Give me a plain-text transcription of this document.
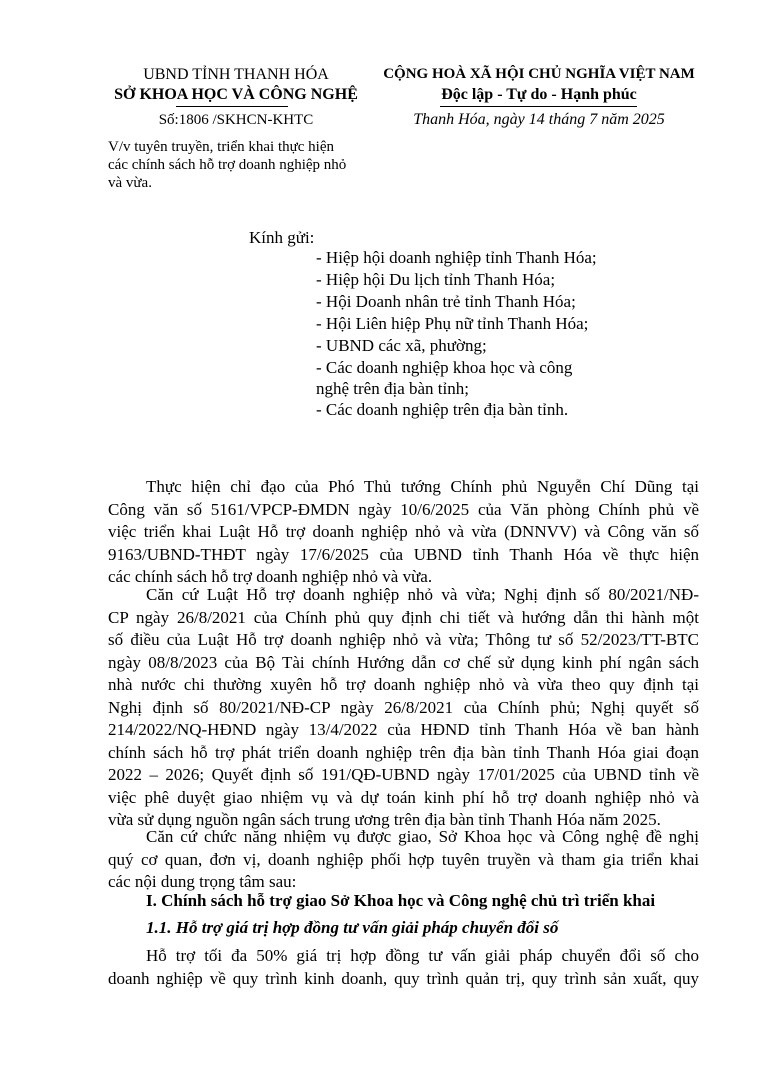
UBND TỈNH THANH HÓA
SỞ KHOA HỌC VÀ CÔNG NGHỆ
Số:1806 /SKHCN-KHTC
V/v tuyên truyền, triển khai thực hiện
các chính sách hỗ trợ doanh nghiệp nhỏ
và vừa.
CỘNG HOÀ XÃ HỘI CHỦ NGHĨA VIỆT NAM
Độc lập - Tự do - Hạnh phúc
Thanh Hóa, ngày 14 tháng 7 năm 2025
Kính gửi:
- Hiệp hội doanh nghiệp tỉnh Thanh Hóa;
- Hiệp hội Du lịch tỉnh Thanh Hóa;
- Hội Doanh nhân trẻ tỉnh Thanh Hóa;
- Hội Liên hiệp Phụ nữ tỉnh Thanh Hóa;
- UBND các xã, phường;
- Các doanh nghiệp khoa học và công
nghệ trên địa bàn tỉnh;
- Các doanh nghiệp trên địa bàn tỉnh.
Thực hiện chỉ đạo của Phó Thủ tướng Chính phủ Nguyễn Chí Dũng tại
Công văn số 5161/VPCP-ĐMDN ngày 10/6/2025 của Văn phòng Chính phủ về
việc triển khai Luật Hỗ trợ doanh nghiệp nhỏ và vừa (DNNVV) và Công văn số
9163/UBND-THĐT ngày 17/6/2025 của UBND tỉnh Thanh Hóa về thực hiện
các chính sách hỗ trợ doanh nghiệp nhỏ và vừa.
Căn cứ Luật Hỗ trợ doanh nghiệp nhỏ và vừa; Nghị định số 80/2021/NĐ-
CP ngày 26/8/2021 của Chính phủ quy định chi tiết và hướng dẫn thi hành một
số điều của Luật Hỗ trợ doanh nghiệp nhỏ và vừa; Thông tư số 52/2023/TT-BTC
ngày 08/8/2023 của Bộ Tài chính Hướng dẫn cơ chế sử dụng kinh phí ngân sách
nhà nước chi thường xuyên hỗ trợ doanh nghiệp nhỏ và vừa theo quy định tại
Nghị định số 80/2021/NĐ-CP ngày 26/8/2021 của Chính phủ; Nghị quyết số
214/2022/NQ-HĐND ngày 13/4/2022 của HĐND tỉnh Thanh Hóa về ban hành
chính sách hỗ trợ phát triển doanh nghiệp trên địa bàn tỉnh Thanh Hóa giai đoạn
2022 – 2026; Quyết định số 191/QĐ-UBND ngày 17/01/2025 của UBND tỉnh về
việc phê duyệt giao nhiệm vụ và dự toán kinh phí hỗ trợ doanh nghiệp nhỏ và
vừa sử dụng nguồn ngân sách trung ương trên địa bàn tỉnh Thanh Hóa năm 2025.
Căn cứ chức năng nhiệm vụ được giao, Sở Khoa học và Công nghệ đề nghị
quý cơ quan, đơn vị, doanh nghiệp phối hợp tuyên truyền và tham gia triển khai
các nội dung trọng tâm sau:
I. Chính sách hỗ trợ giao Sở Khoa học và Công nghệ chủ trì triển khai
1.1. Hỗ trợ giá trị hợp đồng tư vấn giải pháp chuyển đổi số
Hỗ trợ tối đa 50% giá trị hợp đồng tư vấn giải pháp chuyển đổi số cho
doanh nghiệp về quy trình kinh doanh, quy trình quản trị, quy trình sản xuất, quy
